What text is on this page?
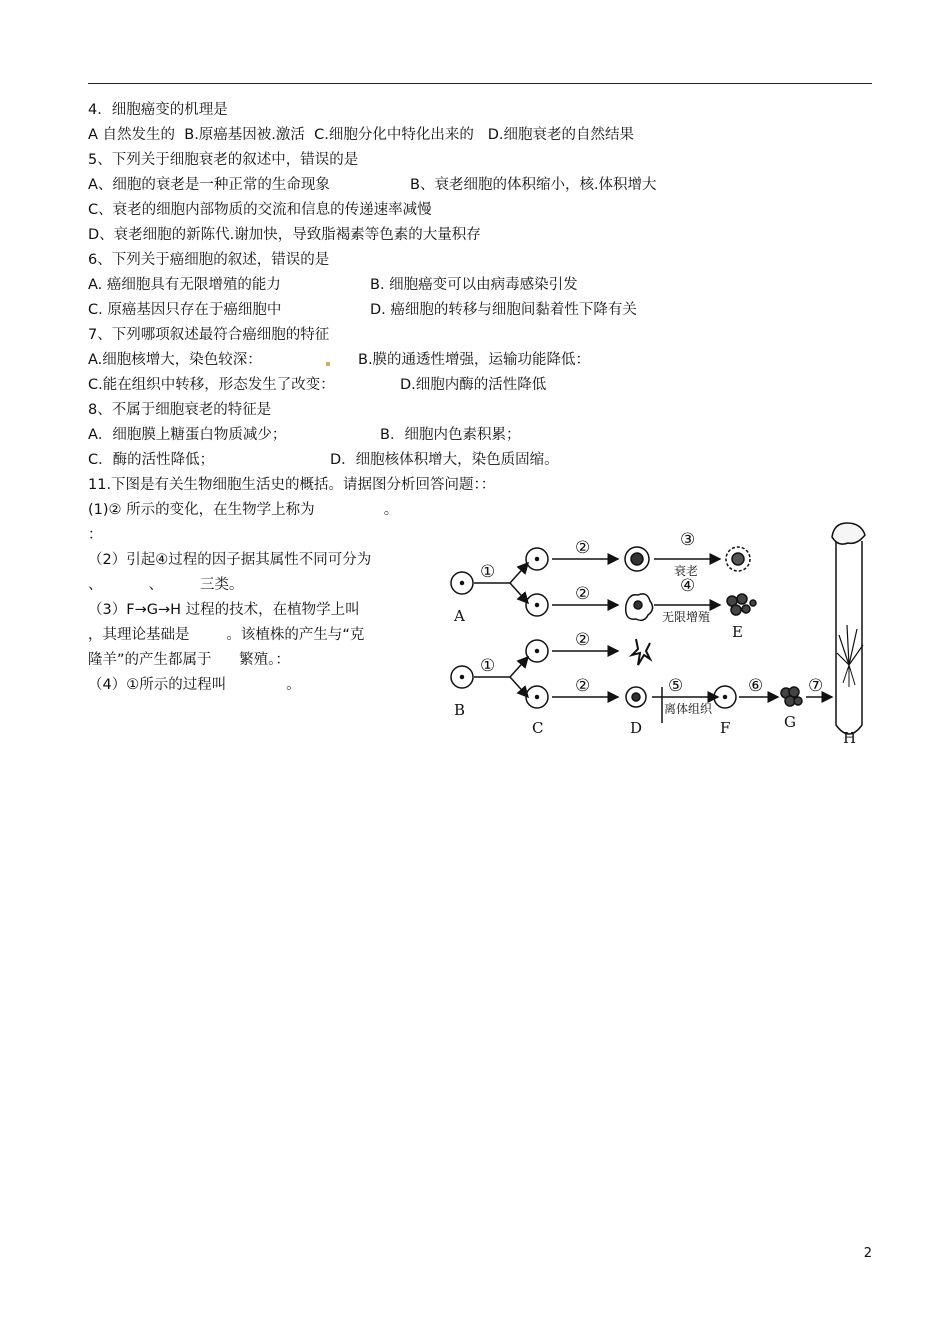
4．细胞癌变的机理是
A 自然发生的  B.原癌基因被.激活  C.细胞分化中特化出来的   D.细胞衰老的自然结果
5、下列关于细胞衰老的叙述中，错误的是
A、细胞的衰老是一种正常的生命现象	B、衰老细胞的体积缩小，核.体积增大
C、衰老的细胞内部物质的交流和信息的传递速率减慢
D、衰老细胞的新陈代.谢加快，导致脂褐素等色素的大量积存
6、下列关于癌细胞的叙述，错误的是
A. 癌细胞具有无限增殖的能力	B. 细胞癌变可以由病毒感染引发
C. 原癌基因只存在于癌细胞中	D. 癌细胞的转移与细胞间黏着性下降有关
7、下列哪项叙述最符合癌细胞的特征
A.细胞核增大，染色较深：	B.膜的通透性增强，运输功能降低：
C.能在组织中转移，形态发生了改变：	D.细胞内酶的活性降低
8、不属于细胞衰老的特征是
A．细胞膜上糖蛋白物质减少；	B．细胞内色素积累；
C．酶的活性降低；	D．细胞核体积增大，染色质固缩。
11.下图是有关生物细胞生活史的概括。请据图分析回答问题：：
(1)② 所示的变化，在生物学上称为               。
：
（2）引起④过程的因子据其属性不同可分为
、          、        三类。
（3）F→G→H 过程的技术，在植物学上叫
，其理论基础是        。该植株的产生与“克
隆羊”的产生都属于      繁殖。：
（4）①所示的过程叫             。
A
B
C	D
E
F	G
H
①
①
②
②
②
②
③
④
⑤	⑥	⑦
衰老
无限增殖
离体组织
2
